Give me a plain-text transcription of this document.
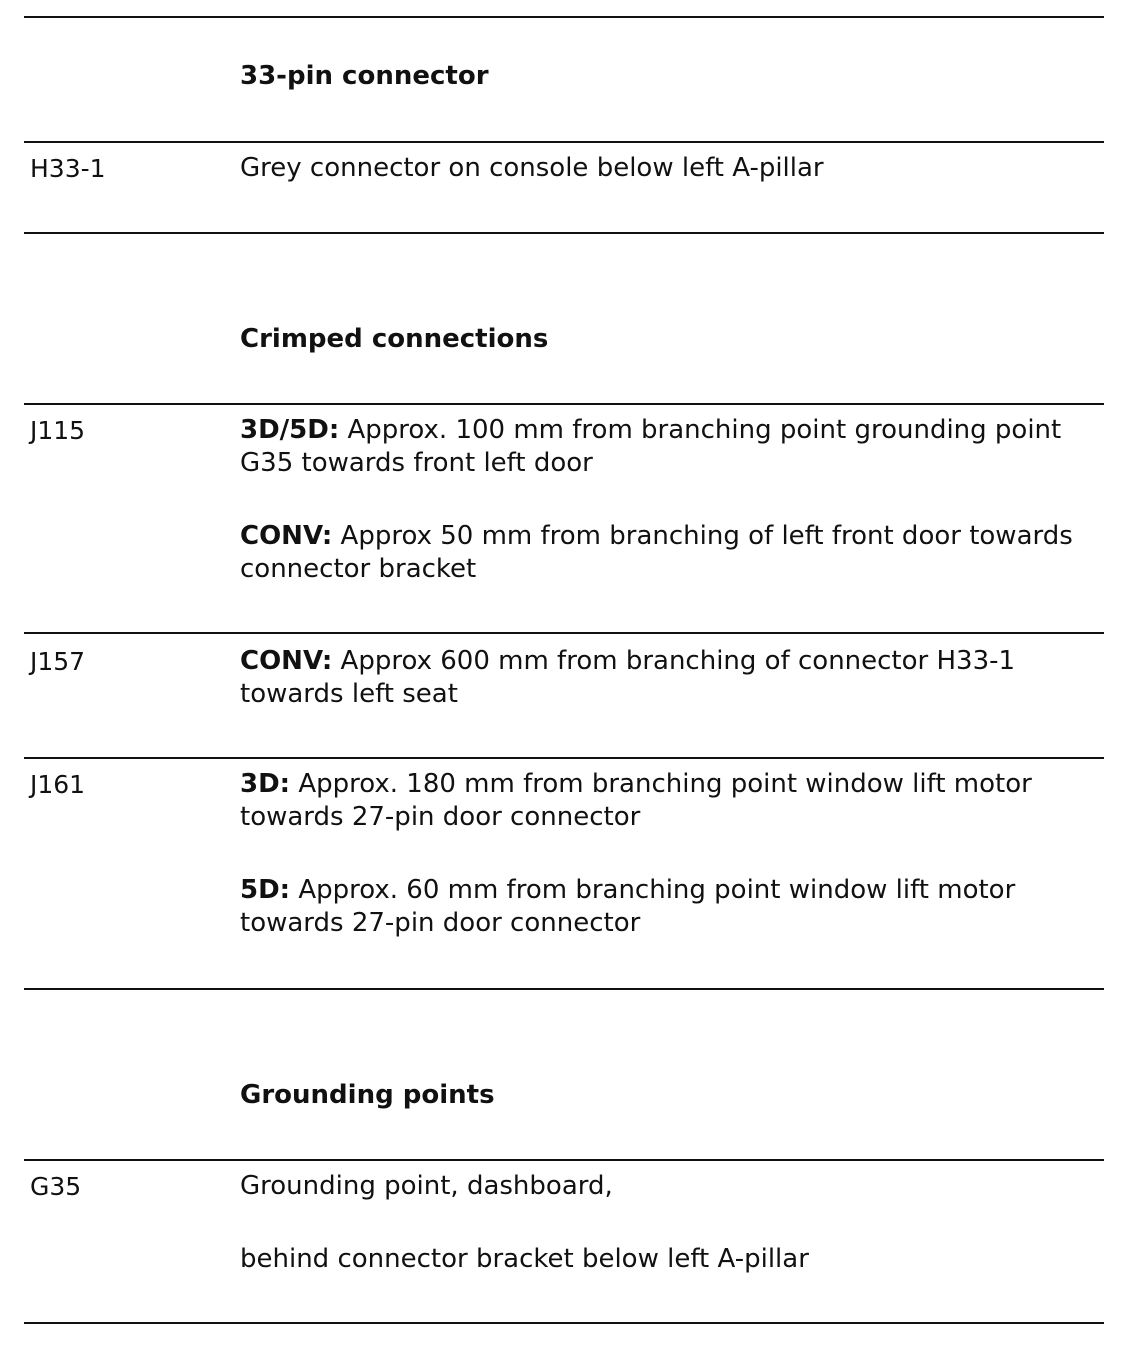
33-pin connector
H33-1	Grey connector on console below left A-pillar
Crimped connections
J115	3D/5D: Approx. 100 mm from branching point grounding point G35 towards front left door
CONV: Approx 50 mm from branching of left front door towards connector bracket
J157	CONV: Approx 600 mm from branching of connector H33-1 towards left seat
J161	3D: Approx. 180 mm from branching point window lift motor towards 27-pin door connector
5D: Approx. 60 mm from branching point window lift motor towards 27-pin door connector
Grounding points
G35	Grounding point, dashboard,
behind connector bracket below left A-pillar
